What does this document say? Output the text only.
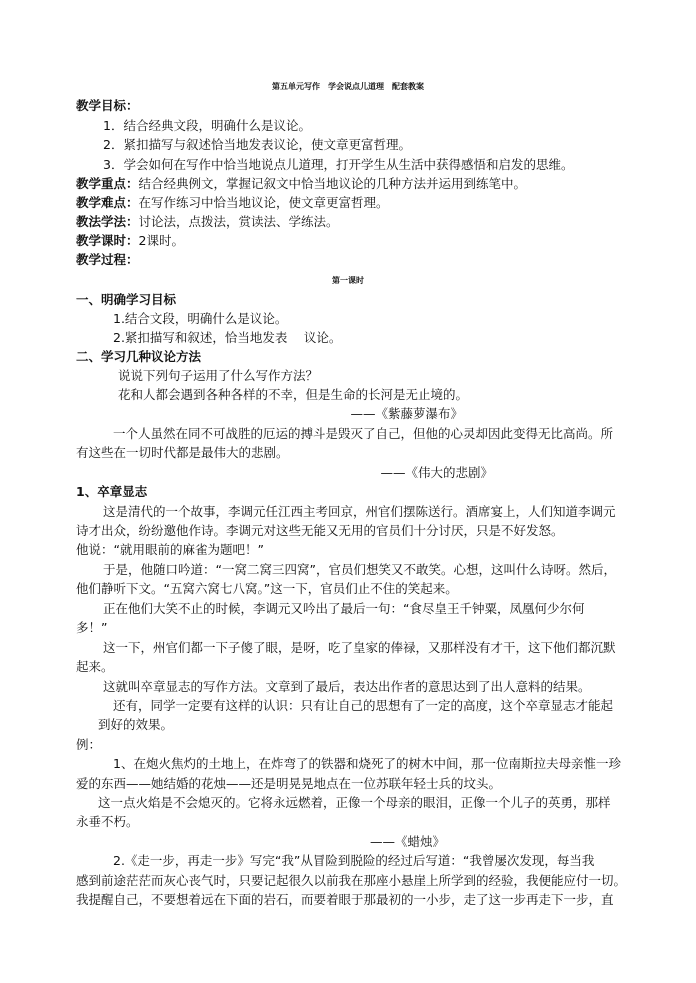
第五单元写作　学会说点儿道理　配套教案
教学目标：
1．结合经典文段，明确什么是议论。
2．紧扣描写与叙述恰当地发表议论，使文章更富哲理。
3．学会如何在写作中恰当地说点儿道理，打开学生从生活中获得感悟和启发的思维。
教学重点：结合经典例文，掌握记叙文中恰当地议论的几种方法并运用到练笔中。
教学难点：在写作练习中恰当地议论，使文章更富哲理。
教法学法：讨论法，点拨法，赏读法、学练法。
教学课时：2课时。
教学过程：
第一课时
一、明确学习目标
1.结合文段，明确什么是议论。
2.紧扣描写和叙述，恰当地发表　 议论。
二、学习几种议论方法
说说下列句子运用了什么写作方法？
花和人都会遇到各种各样的不幸，但是生命的长河是无止境的。
——《紫藤萝瀑布》
一个人虽然在同不可战胜的厄运的搏斗是毁灭了自己，但他的心灵却因此变得无比高尚。所
有这些在一切时代都是最伟大的悲剧。
——《伟大的悲剧》
1、卒章显志
这是清代的一个故事，李调元任江西主考回京，州官们摆陈送行。酒席宴上，人们知道李调元
诗才出众，纷纷邀他作诗。李调元对这些无能又无用的官员们十分讨厌，只是不好发怒。
他说：“就用眼前的麻雀为题吧！”
于是，他随口吟道：“一窝二窝三四窝”，官员们想笑又不敢笑。心想，这叫什么诗呀。然后，
他们静听下文。“五窝六窝七八窝。”这一下，官员们止不住的笑起来。
正在他们大笑不止的时候，李调元又吟出了最后一句：“食尽皇王千钟粟，凤凰何少尔何
多！”
这一下，州官们都一下子傻了眼，是呀，吃了皇家的俸禄，又那样没有才干，这下他们都沉默
起来。
这就叫卒章显志的写作方法。文章到了最后，表达出作者的意思达到了出人意料的结果。
还有，同学一定要有这样的认识：只有让自己的思想有了一定的高度，这个卒章显志才能起
到好的效果。
例：
1、在炮火焦灼的土地上，在炸弯了的铁器和烧死了的树木中间，那一位南斯拉夫母亲惟一珍
爱的东西——她结婚的花烛——还是明晃晃地点在一位苏联年轻士兵的坟头。
这一点火焰是不会熄灭的。它将永远燃着，正像一个母亲的眼泪，正像一个儿子的英勇，那样
永垂不朽。
——《蜡烛》
2.《走一步，再走一步》写完“我”从冒险到脱险的经过后写道：“我曾屡次发现，每当我
感到前途茫茫而灰心丧气时，只要记起很久以前我在那座小悬崖上所学到的经验，我便能应付一切。
我提醒自己，不要想着远在下面的岩石，而要着眼于那最初的一小步，走了这一步再走下一步，直
